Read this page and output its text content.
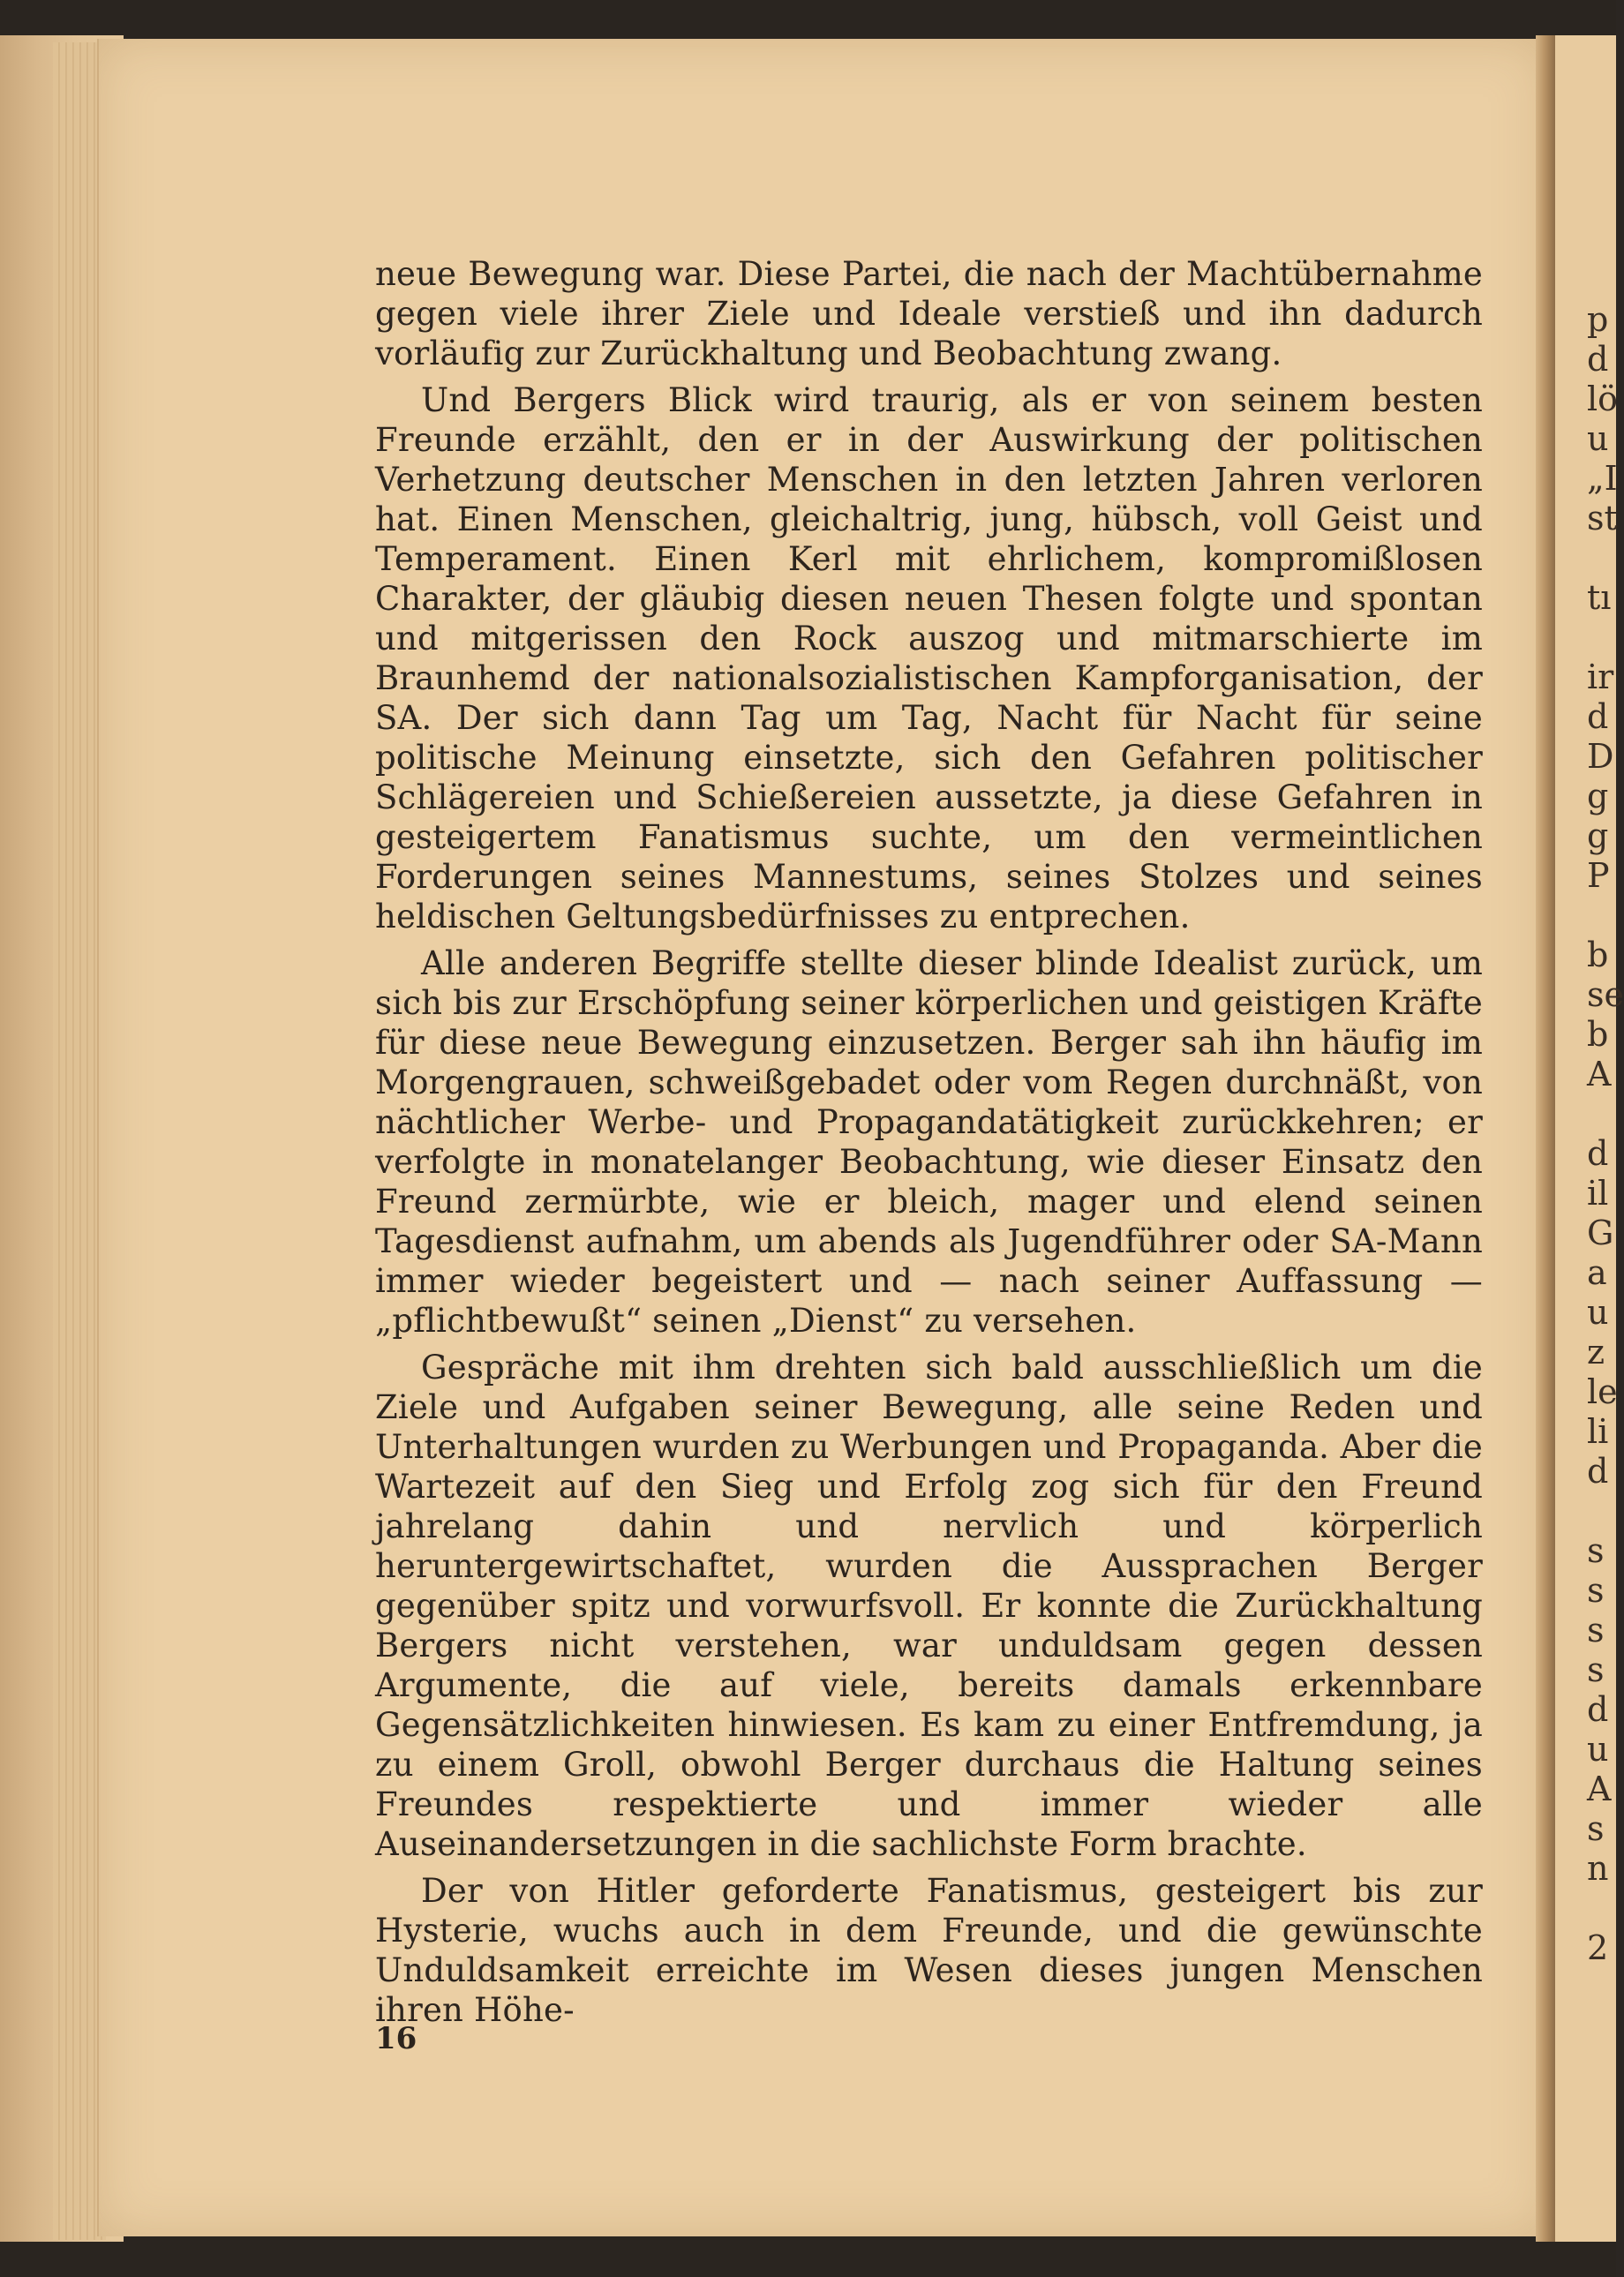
p
d
lö
u
„I
st
tı
ir
d
D
g
g
P
b
se
b
A
d
il
G
a
u
z
le
li
d
s
s
s
s
d
u
A
s
n
2

neue Bewegung war. Diese Partei, die nach der Machtübernahme gegen viele ihrer Ziele und Ideale verstieß und ihn dadurch vorläufig zur Zurückhaltung und Beobachtung zwang.

Und Bergers Blick wird traurig, als er von seinem besten Freunde erzählt, den er in der Auswirkung der politischen Verhetzung deutscher Menschen in den letzten Jahren verloren hat. Einen Menschen, gleichaltrig, jung, hübsch, voll Geist und Temperament. Einen Kerl mit ehrlichem, kompromißlosen Charakter, der gläubig diesen neuen Thesen folgte und spontan und mitgerissen den Rock auszog und mitmarschierte im Braunhemd der nationalsozialistischen Kampforganisation, der SA. Der sich dann Tag um Tag, Nacht für Nacht für seine politische Meinung einsetzte, sich den Gefahren politischer Schlägereien und Schießereien aussetzte, ja diese Gefahren in gesteigertem Fanatismus suchte, um den vermeintlichen Forderungen seines Mannestums, seines Stolzes und seines heldischen Geltungsbedürfnisses zu entprechen.

Alle anderen Begriffe stellte dieser blinde Idealist zurück, um sich bis zur Erschöpfung seiner körperlichen und geistigen Kräfte für diese neue Bewegung einzusetzen. Berger sah ihn häufig im Morgengrauen, schweißgebadet oder vom Regen durchnäßt, von nächtlicher Werbe- und Propagandatätigkeit zurückkehren; er verfolgte in monatelanger Beobachtung, wie dieser Einsatz den Freund zermürbte, wie er bleich, mager und elend seinen Tagesdienst aufnahm, um abends als Jugendführer oder SA-Mann immer wieder begeistert und — nach seiner Auffassung — „pflichtbewußt“ seinen „Dienst“ zu versehen.

Gespräche mit ihm drehten sich bald ausschließlich um die Ziele und Aufgaben seiner Bewegung, alle seine Reden und Unterhaltungen wurden zu Werbungen und Propaganda. Aber die Wartezeit auf den Sieg und Erfolg zog sich für den Freund jahrelang dahin und nervlich und körperlich heruntergewirtschaftet, wurden die Aussprachen Berger gegenüber spitz und vorwurfsvoll. Er konnte die Zurückhaltung Bergers nicht verstehen, war unduldsam gegen dessen Argumente, die auf viele, bereits damals erkennbare Gegensätzlichkeiten hinwiesen. Es kam zu einer Entfremdung, ja zu einem Groll, obwohl Berger durchaus die Haltung seines Freundes respektierte und immer wieder alle Auseinandersetzungen in die sachlichste Form brachte.

Der von Hitler geforderte Fanatismus, gesteigert bis zur Hysterie, wuchs auch in dem Freunde, und die gewünschte Unduldsamkeit erreichte im Wesen dieses jungen Menschen ihren Höhe-

16
